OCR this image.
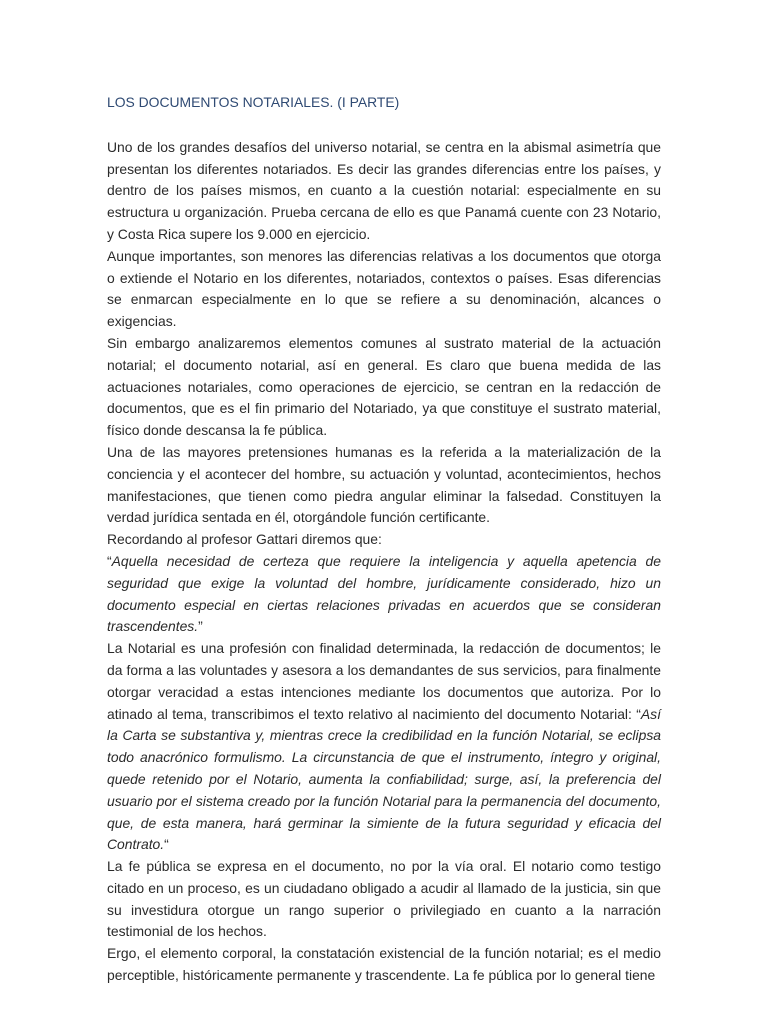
LOS DOCUMENTOS NOTARIALES. (I PARTE)

Uno de los grandes desafíos del universo notarial, se centra en la abismal asimetría que presentan los diferentes notariados. Es decir las grandes diferencias entre los países, y dentro de los países mismos, en cuanto a la cuestión notarial: especialmente en su estructura u organización. Prueba cercana de ello es que Panamá cuente con 23 Notario, y Costa Rica supere los 9.000 en ejercicio.

Aunque importantes, son menores las diferencias relativas a los documentos que otorga o extiende el Notario en los diferentes, notariados, contextos o países. Esas diferencias se enmarcan especialmente en lo que se refiere a su denominación, alcances o exigencias.

Sin embargo analizaremos elementos comunes al sustrato material de la actuación notarial; el documento notarial, así en general. Es claro que buena medida de las actuaciones notariales, como operaciones de ejercicio, se centran en la redacción de documentos, que es el fin primario del Notariado, ya que constituye el sustrato material, físico donde descansa la fe pública.

Una de las mayores pretensiones humanas es la referida a la materialización de la conciencia y el acontecer del hombre, su actuación y voluntad, acontecimientos, hechos manifestaciones, que tienen como piedra angular eliminar la falsedad. Constituyen la verdad jurídica sentada en él, otorgándole función certificante.

Recordando al profesor Gattari diremos que:

“Aquella necesidad de certeza que requiere la inteligencia y aquella apetencia de seguridad que exige la voluntad del hombre, jurídicamente considerado, hizo un documento especial en ciertas relaciones privadas en acuerdos que se consideran trascendentes.”

La Notarial es una profesión con finalidad determinada, la redacción de documentos; le da forma a las voluntades y asesora a los demandantes de sus servicios, para finalmente otorgar veracidad a estas intenciones mediante los documentos que autoriza. Por lo atinado al tema, transcribimos el texto relativo al nacimiento del documento Notarial: “Así la Carta se substantiva y, mientras crece la credibilidad en la función Notarial, se eclipsa todo anacrónico formulismo. La circunstancia de que el instrumento, íntegro y original, quede retenido por el Notario, aumenta la confiabilidad; surge, así, la preferencia del usuario por el sistema creado por la función Notarial para la permanencia del documento, que, de esta manera, hará germinar la simiente de la futura seguridad y eficacia del Contrato.“

La fe pública se expresa en el documento, no por la vía oral. El notario como testigo citado en un proceso, es un ciudadano obligado a acudir al llamado de la justicia, sin que su investidura otorgue un rango superior o privilegiado en cuanto a la narración testimonial de los hechos.

Ergo, el elemento corporal, la constatación existencial de la función notarial; es el medio perceptible, históricamente permanente y trascendente. La fe pública por lo general tiene
